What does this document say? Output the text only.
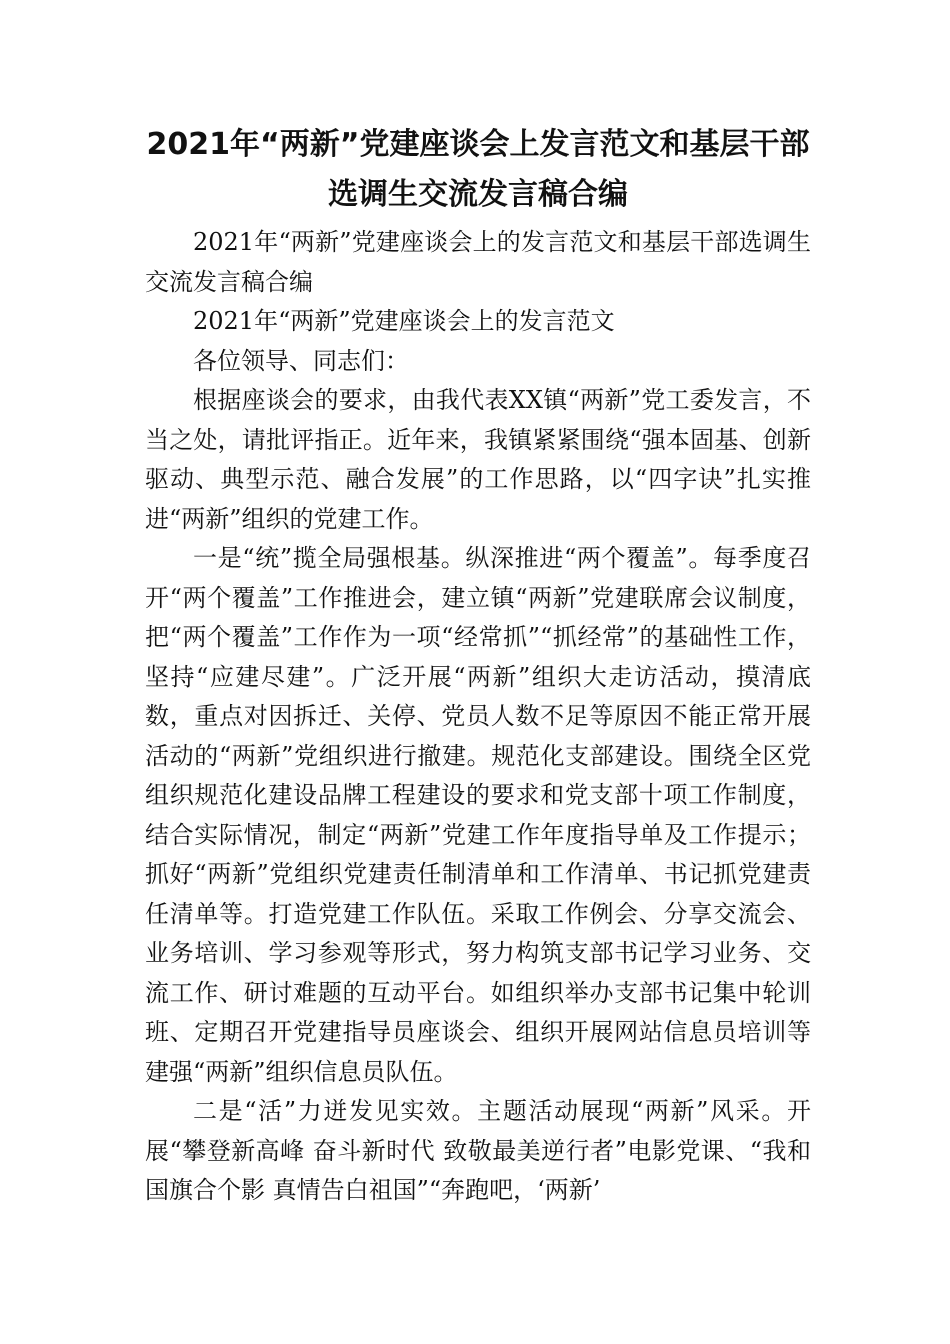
2021年“两新”党建座谈会上发言范文和基层干部选调生交流发言稿合编

2021年“两新”党建座谈会上的发言范文和基层干部选调生交流发言稿合编

2021年“两新”党建座谈会上的发言范文

各位领导、同志们：

根据座谈会的要求，由我代表XX镇“两新”党工委发言，不当之处，请批评指正。近年来，我镇紧紧围绕“强本固基、创新驱动、典型示范、融合发展”的工作思路，以“四字诀”扎实推进“两新”组织的党建工作。

一是“统”揽全局强根基。纵深推进“两个覆盖”。每季度召开“两个覆盖”工作推进会，建立镇“两新”党建联席会议制度，把“两个覆盖”工作作为一项“经常抓”“抓经常”的基础性工作，坚持“应建尽建”。广泛开展“两新”组织大走访活动，摸清底数，重点对因拆迁、关停、党员人数不足等原因不能正常开展活动的“两新”党组织进行撤建。规范化支部建设。围绕全区党组织规范化建设品牌工程建设的要求和党支部十项工作制度，结合实际情况，制定“两新”党建工作年度指导单及工作提示；抓好“两新”党组织党建责任制清单和工作清单、书记抓党建责任清单等。打造党建工作队伍。采取工作例会、分享交流会、业务培训、学习参观等形式，努力构筑支部书记学习业务、交流工作、研讨难题的互动平台。如组织举办支部书记集中轮训班、定期召开党建指导员座谈会、组织开展网站信息员培训等建强“两新”组织信息员队伍。

二是“活”力迸发见实效。主题活动展现“两新”风采。开展“攀登新高峰 奋斗新时代 致敬最美逆行者”电影党课、“我和国旗合个影 真情告白祖国”“奔跑吧，‘两新’
